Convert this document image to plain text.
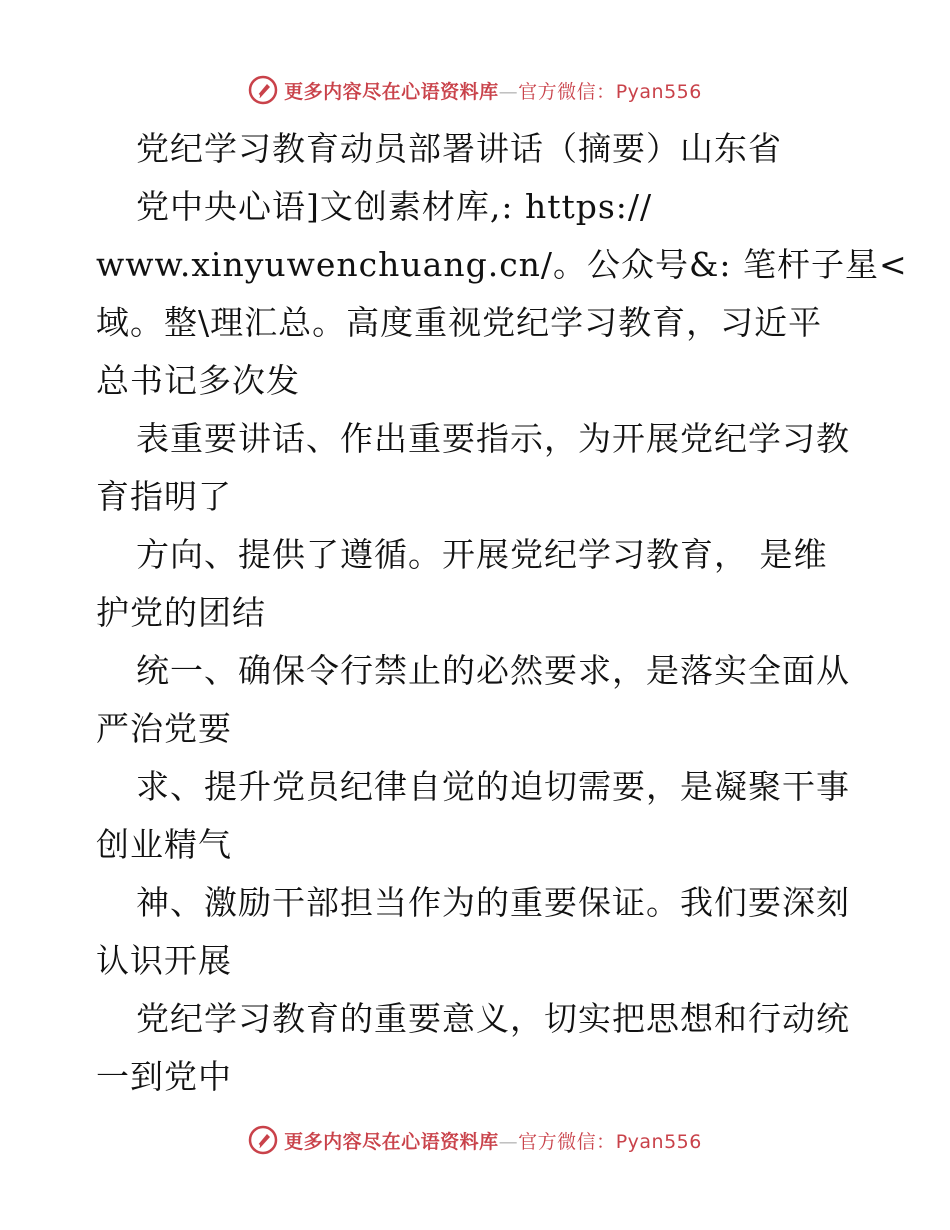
更多内容尽在心语资料库—官方微信：Pyan556
党纪学习教育动员部署讲话（摘要）山东省
党中央心语]文创素材库,: https://
www.xinyuwenchuang.cn/。公众号&: 笔杆子星<
域。整\理汇总。高度重视党纪学习教育，习近平
总书记多次发
表重要讲话、作出重要指示，为开展党纪学习教
育指明了
方向、提供了遵循。开展党纪学习教育， 是维
护党的团结
统一、确保令行禁止的必然要求，是落实全面从
严治党要
求、提升党员纪律自觉的迫切需要，是凝聚干事
创业精气
神、激励干部担当作为的重要保证。我们要深刻
认识开展
党纪学习教育的重要意义，切实把思想和行动统
一到党中
更多内容尽在心语资料库—官方微信：Pyan556
